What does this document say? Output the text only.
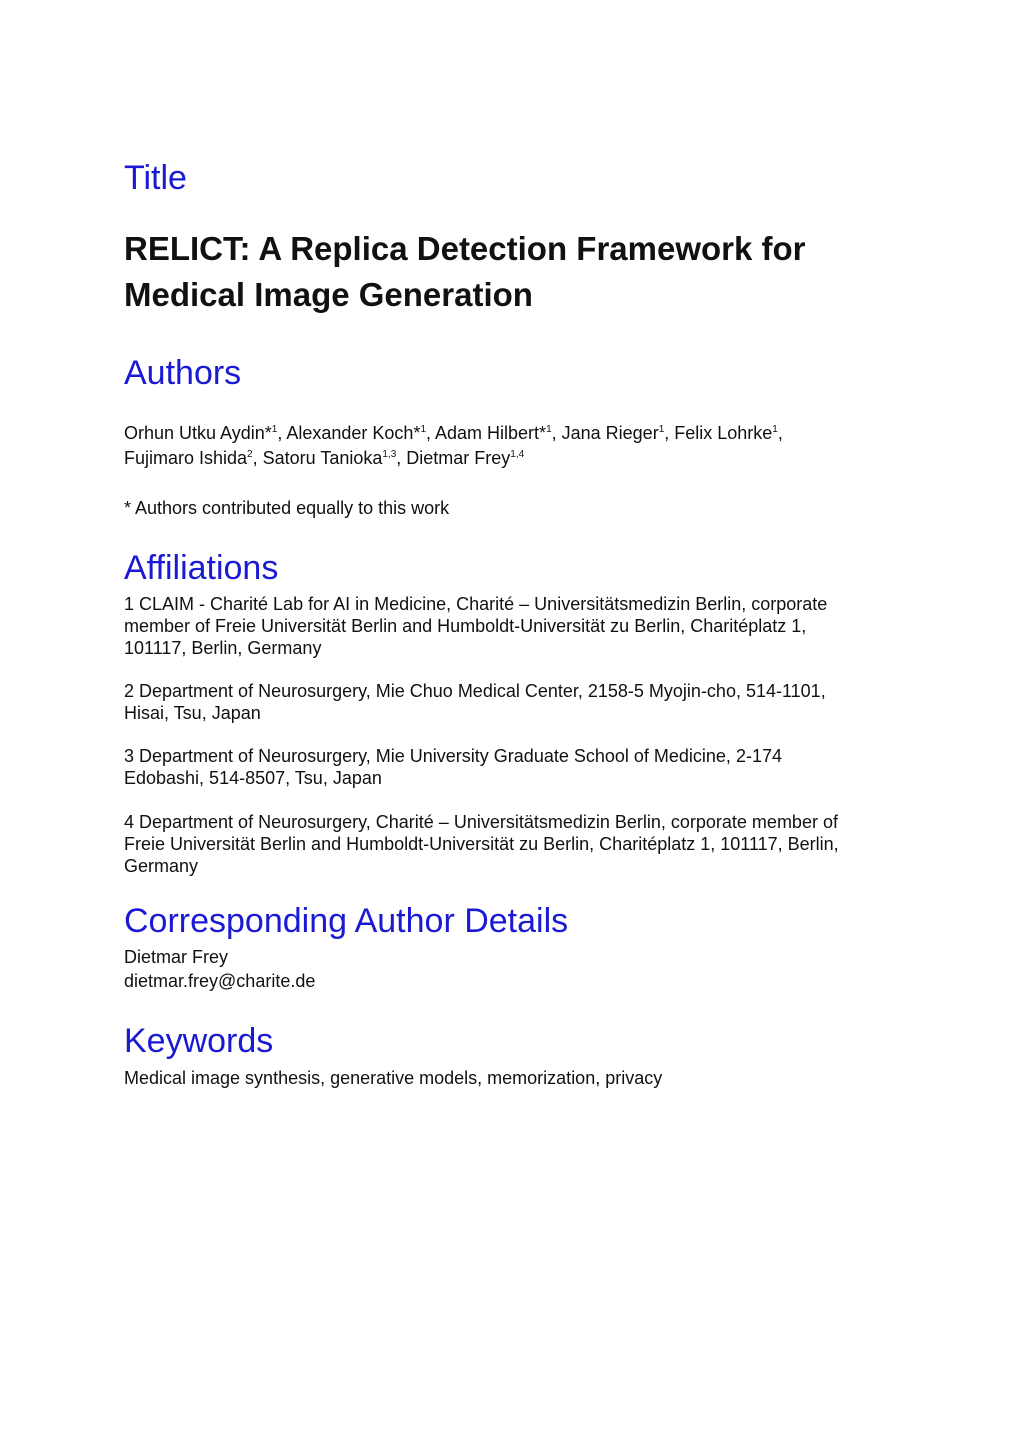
Title
RELICT: A Replica Detection Framework for
Medical Image Generation
Authors
Orhun Utku Aydin*$^1$, Alexander Koch*$^1$, Adam Hilbert*$^1$, Jana Rieger$^1$, Felix Lohrke$^1$,
Fujimaro Ishida$^2$, Satoru Tanioka$^{1,3}$, Dietmar Frey$^{1,4}$
* Authors contributed equally to this work
Affiliations
1 CLAIM - Charité Lab for AI in Medicine, Charité – Universitätsmedizin Berlin, corporate
member of Freie Universität Berlin and Humboldt-Universität zu Berlin, Charitéplatz 1,
101117, Berlin, Germany
2 Department of Neurosurgery, Mie Chuo Medical Center, 2158-5 Myojin-cho, 514-1101,
Hisai, Tsu, Japan
3 Department of Neurosurgery, Mie University Graduate School of Medicine, 2-174
Edobashi, 514-8507, Tsu, Japan
4 Department of Neurosurgery, Charité – Universitätsmedizin Berlin, corporate member of
Freie Universität Berlin and Humboldt-Universität zu Berlin, Charitéplatz 1, 101117, Berlin,
Germany
Corresponding Author Details
Dietmar Frey
dietmar.frey@charite.de
Keywords
Medical image synthesis, generative models, memorization, privacy
